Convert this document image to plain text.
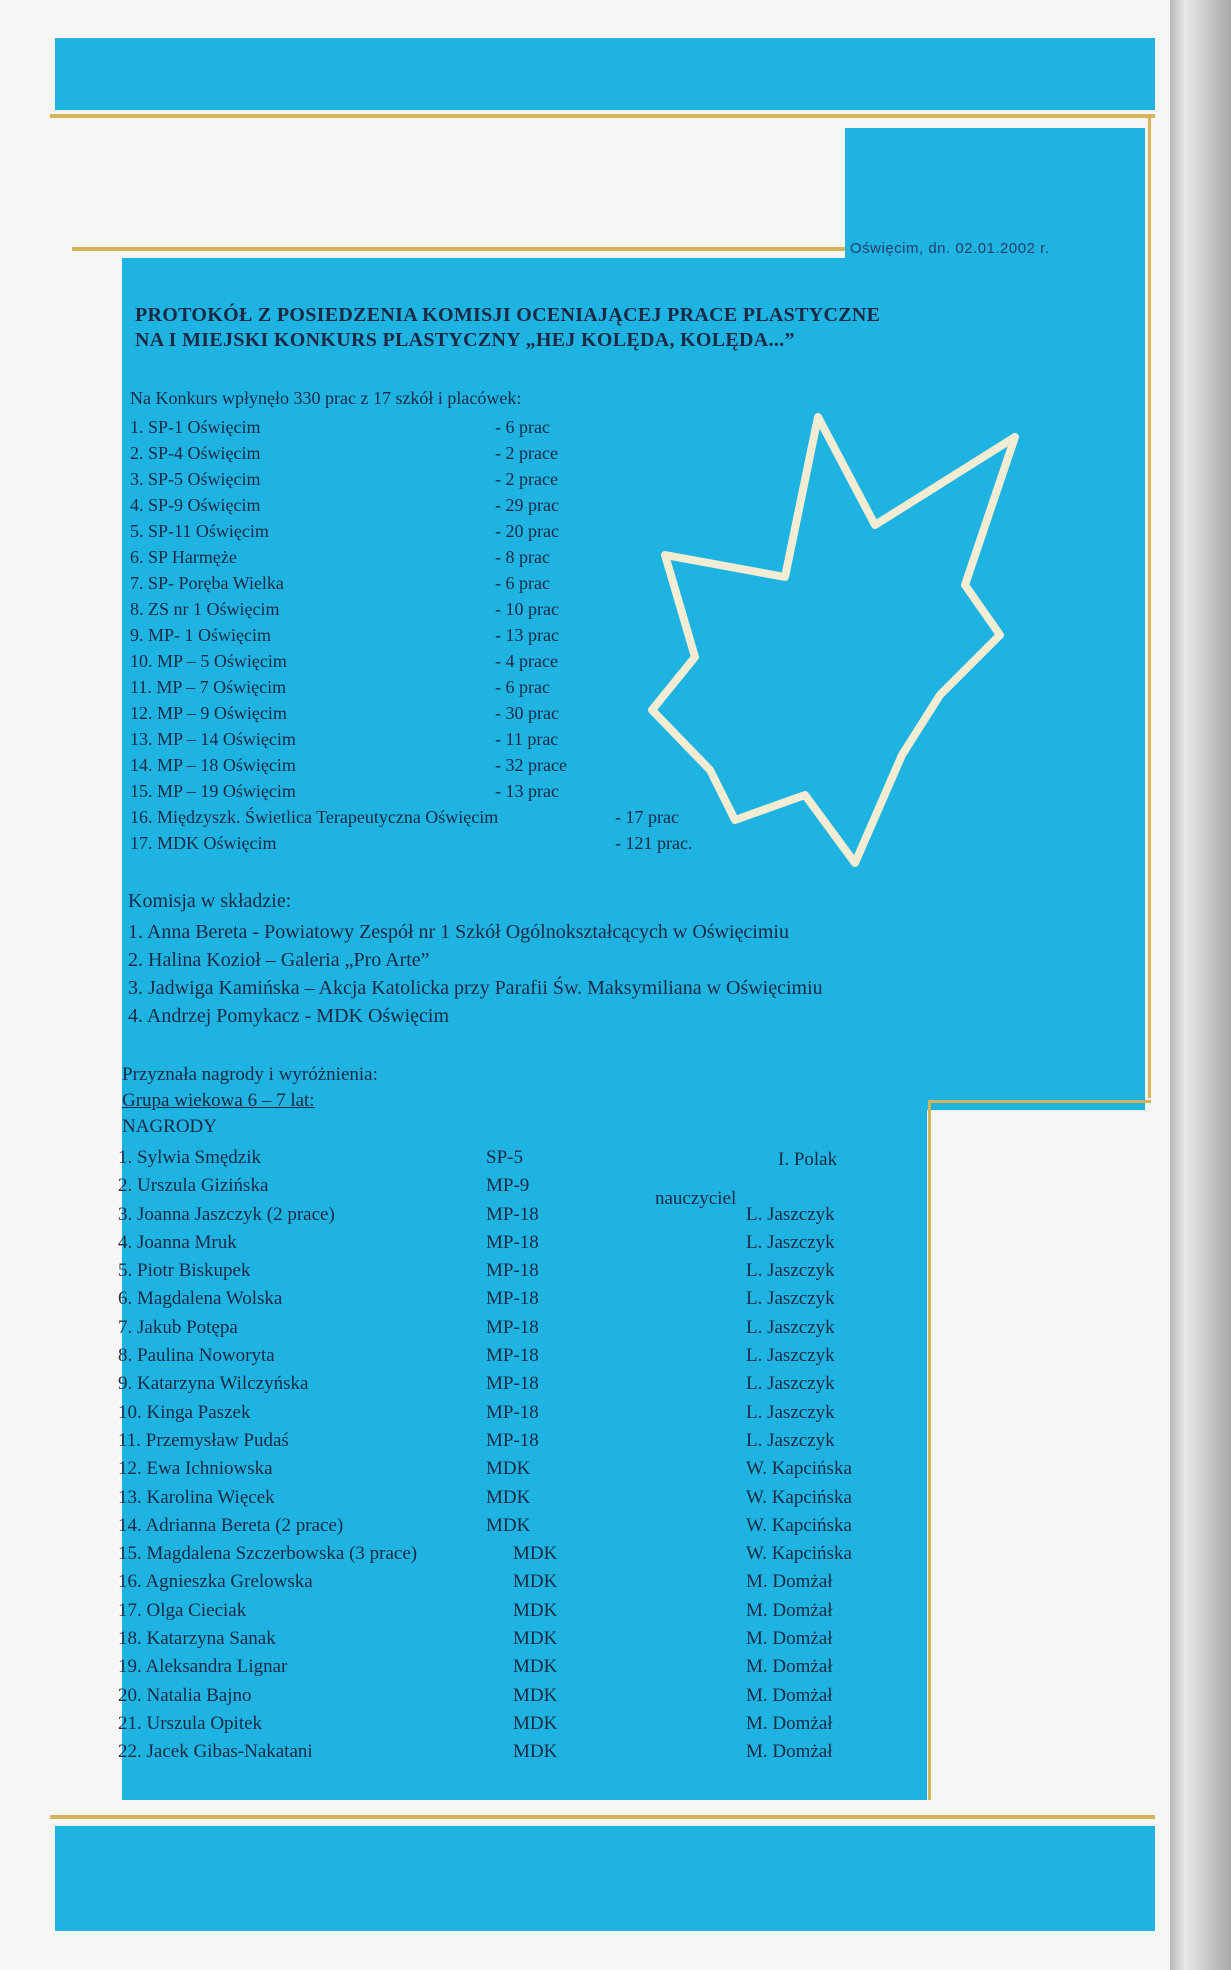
Oświęcim, dn. 02.01.2002 r.
PROTOKÓŁ Z POSIEDZENIA KOMISJI OCENIAJĄCEJ PRACE PLASTYCZNE
NA I MIEJSKI KONKURS PLASTYCZNY „HEJ KOLĘDA, KOLĘDA...”
Na Konkurs wpłynęło 330 prac z 17 szkół i placówek:
1. SP-1 Oświęcim	- 6 prac
2. SP-4 Oświęcim	- 2 prace
3. SP-5 Oświęcim	- 2 prace
4. SP-9 Oświęcim	- 29 prac
5. SP-11 Oświęcim	- 20 prac
6. SP Harmęże	- 8 prac
7. SP- Poręba Wielka	- 6 prac
8. ZS nr 1 Oświęcim	- 10 prac
9. MP- 1 Oświęcim	- 13 prac
10. MP – 5 Oświęcim	- 4 prace
11. MP – 7 Oświęcim	- 6 prac
12. MP – 9 Oświęcim	- 30 prac
13. MP – 14 Oświęcim	- 11 prac
14. MP – 18 Oświęcim	- 32 prace
15. MP – 19 Oświęcim	- 13 prac
16. Międzyszk. Świetlica Terapeutyczna Oświęcim	- 17 prac
17. MDK Oświęcim	- 121 prac.
Komisja w składzie:
1. Anna Bereta - Powiatowy Zespół nr 1 Szkół Ogólnokształcących w Oświęcimiu
2. Halina Kozioł – Galeria „Pro Arte”
3. Jadwiga Kamińska – Akcja Katolicka przy Parafii Św. Maksymiliana w Oświęcimiu
4. Andrzej Pomykacz - MDK Oświęcim
Przyznała nagrody i wyróżnienia:
Grupa wiekowa 6 – 7 lat:
NAGRODY
nauczyciel
1. Sylwia Smędzik	SP-5	I. Polak
2. Urszula Gizińska	MP-9
3. Joanna Jaszczyk (2 prace)	MP-18	L. Jaszczyk
4. Joanna Mruk	MP-18	L. Jaszczyk
5. Piotr Biskupek	MP-18	L. Jaszczyk
6. Magdalena Wolska	MP-18	L. Jaszczyk
7. Jakub Potępa	MP-18	L. Jaszczyk
8. Paulina Noworyta	MP-18	L. Jaszczyk
9. Katarzyna Wilczyńska	MP-18	L. Jaszczyk
10. Kinga Paszek	MP-18	L. Jaszczyk
11. Przemysław Pudaś	MP-18	L. Jaszczyk
12. Ewa Ichniowska	MDK	W. Kapcińska
13. Karolina Więcek	MDK	W. Kapcińska
14. Adrianna Bereta (2 prace)	MDK	W. Kapcińska
15. Magdalena Szczerbowska (3 prace)	MDK	W. Kapcińska
16. Agnieszka Grelowska	MDK	M. Domżał
17. Olga Cieciak	MDK	M. Domżał
18. Katarzyna Sanak	MDK	M. Domżał
19. Aleksandra Lignar	MDK	M. Domżał
20. Natalia Bajno	MDK	M. Domżał
21. Urszula Opitek	MDK	M. Domżał
22. Jacek Gibas-Nakatani	MDK	M. Domżał
